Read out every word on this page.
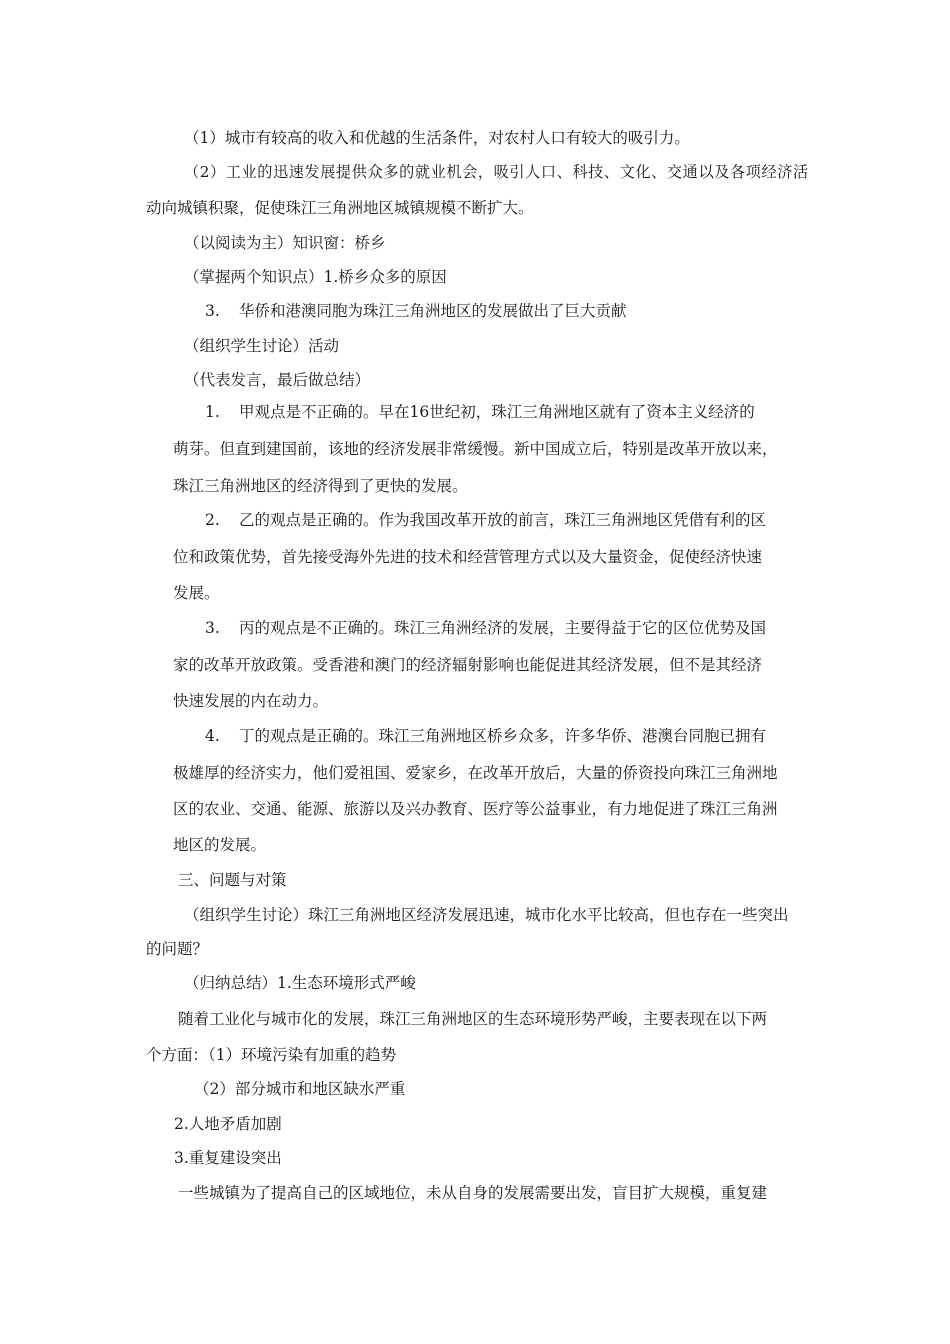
（1）城市有较高的收入和优越的生活条件，对农村人口有较大的吸引力。
（2）工业的迅速发展提供众多的就业机会，吸引人口、科技、文化、交通以及各项经济活
动向城镇积聚，促使珠江三角洲地区城镇规模不断扩大。
（以阅读为主）知识窗：桥乡
（掌握两个知识点）1.桥乡众多的原因
3. 华侨和港澳同胞为珠江三角洲地区的发展做出了巨大贡献
（组织学生讨论）活动
（代表发言，最后做总结）
1. 甲观点是不正确的。早在16世纪初，珠江三角洲地区就有了资本主义经济的
萌芽。但直到建国前，该地的经济发展非常缓慢。新中国成立后，特别是改革开放以来，
珠江三角洲地区的经济得到了更快的发展。
2. 乙的观点是正确的。作为我国改革开放的前言，珠江三角洲地区凭借有利的区
位和政策优势，首先接受海外先进的技术和经营管理方式以及大量资金，促使经济快速
发展。
3. 丙的观点是不正确的。珠江三角洲经济的发展，主要得益于它的区位优势及国
家的改革开放政策。受香港和澳门的经济辐射影响也能促进其经济发展，但不是其经济
快速发展的内在动力。
4. 丁的观点是正确的。珠江三角洲地区桥乡众多，许多华侨、港澳台同胞已拥有
极雄厚的经济实力，他们爱祖国、爱家乡，在改革开放后，大量的侨资投向珠江三角洲地
区的农业、交通、能源、旅游以及兴办教育、医疗等公益事业，有力地促进了珠江三角洲
地区的发展。
三、问题与对策
（组织学生讨论）珠江三角洲地区经济发展迅速，城市化水平比较高，但也存在一些突出
的问题？
（归纳总结）1.生态环境形式严峻
随着工业化与城市化的发展，珠江三角洲地区的生态环境形势严峻，主要表现在以下两
个方面：（1）环境污染有加重的趋势
（2）部分城市和地区缺水严重
2.人地矛盾加剧
3.重复建设突出
一些城镇为了提高自己的区域地位，未从自身的发展需要出发，盲目扩大规模，重复建
